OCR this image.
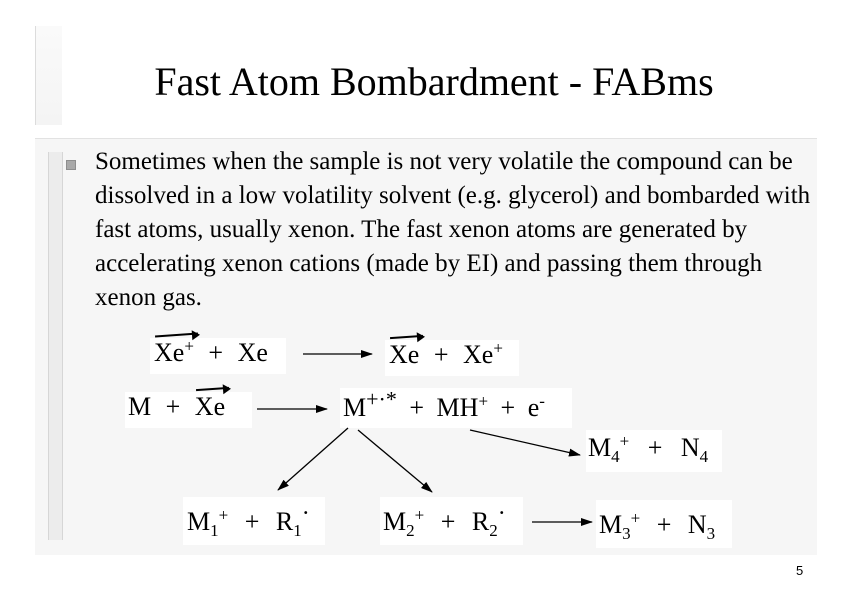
Fast Atom Bombardment - FABms

Sometimes when the sample is not very volatile the compound can be dissolved in a low volatility solvent (e.g. glycerol) and bombarded with fast atoms, usually xenon. The fast xenon atoms are generated by accelerating xenon cations (made by EI) and passing them through xenon gas.

Xe+ + Xe	Xe + Xe+
M + Xe	M+·* + MH+ + e-
$M_4^+ + N_4$
$M_1^+ + R_1^\cdot$	$M_2^+ + R_2^\cdot$	$M_3^+ + N_3$
5
